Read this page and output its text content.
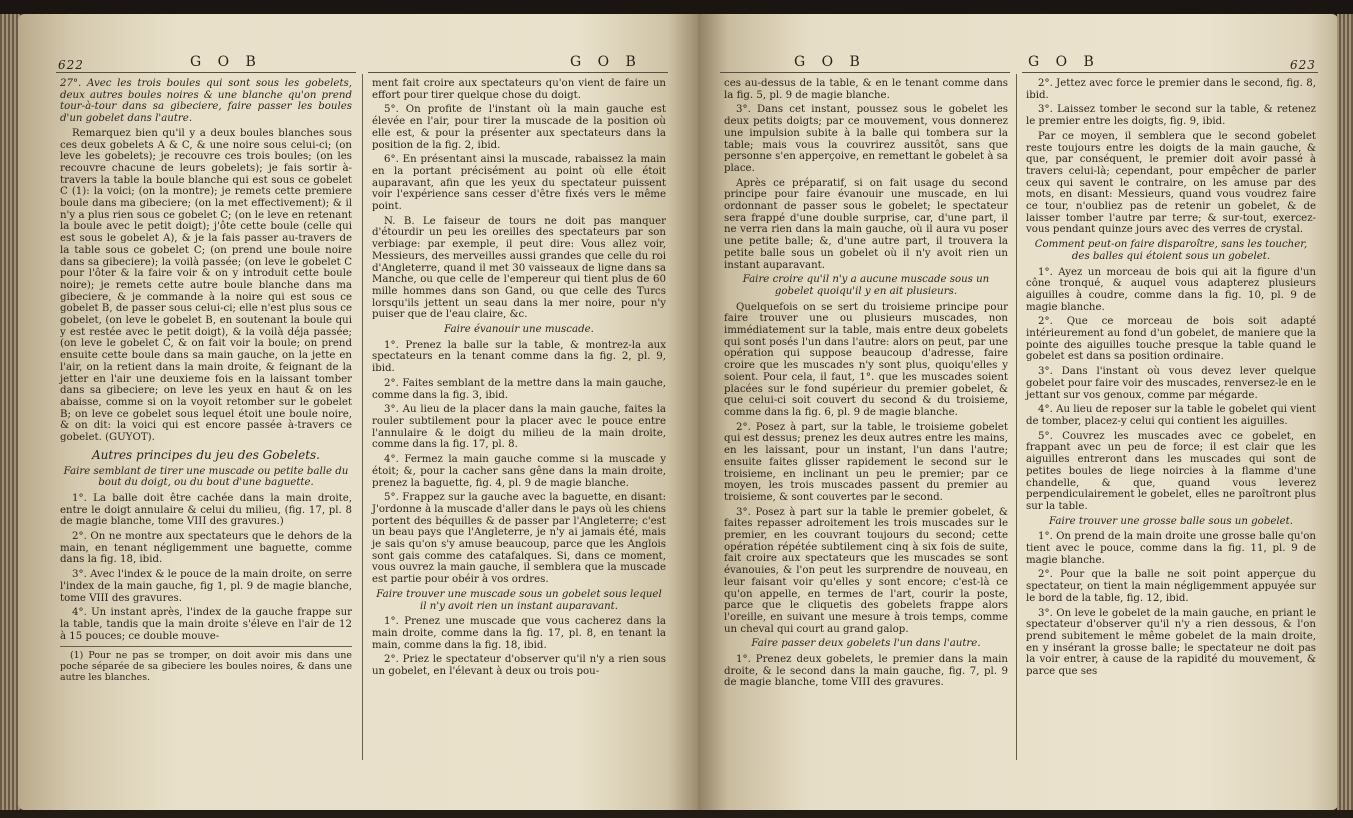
622	G O B	G O B

27°. Avec les trois boules qui sont sous les gobelets, deux autres boules noires & une blanche qu'on prend tour-à-tour dans sa gibeciere, faire passer les boules d'un gobelet dans l'autre.

Remarquez bien qu'il y a deux boules blanches sous ces deux gobelets A & C, & une noire sous celui-ci; (on leve les gobelets); je recouvre ces trois boules; (on les recouvre chacune de leurs gobelets); je fais sortir à-travers la table la boule blanche qui est sous ce gobelet C (1): la voici; (on la montre); je remets cette premiere boule dans ma gibeciere; (on la met effectivement); & il n'y a plus rien sous ce gobelet C; (on le leve en retenant la boule avec le petit doigt); j'ôte cette boule (celle qui est sous le gobelet A), & je la fais passer au-travers de la table sous ce gobelet C; (on prend une boule noire dans sa gibeciere); la voilà passée; (on leve le gobelet C pour l'ôter & la faire voir & on y introduit cette boule noire); je remets cette autre boule blanche dans ma gibeciere, & je commande à la noire qui est sous ce gobelet B, de passer sous celui-ci; elle n'est plus sous ce gobelet, (on leve le gobelet B, en soutenant la boule qui y est restée avec le petit doigt), & la voilà déja passée; (on leve le gobelet C, & on fait voir la boule; on prend ensuite cette boule dans sa main gauche, on la jette en l'air, on la retient dans la main droite, & feignant de la jetter en l'air une deuxieme fois en la laissant tomber dans sa gibeciere; on leve les yeux en haut & on les abaisse, comme si on la voyoit retomber sur le gobelet B; on leve ce gobelet sous lequel étoit une boule noire, & on dit: la voici qui est encore passée à-travers ce gobelet. (GUYOT).

Autres principes du jeu des Gobelets.

Faire semblant de tirer une muscade ou petite balle du bout du doigt, ou du bout d'une baguette.

1°. La balle doit être cachée dans la main droite, entre le doigt annulaire & celui du milieu, (fig. 17, pl. 8 de magie blanche, tome VIII des gravures.)

2°. On ne montre aux spectateurs que le dehors de la main, en tenant négligemment une baguette, comme dans la fig. 18, ibid.

3°. Avec l'index & le pouce de la main droite, on serre l'index de la main gauche, fig 1, pl. 9 de magie blanche, tome VIII des gravures.

4°. Un instant après, l'index de la gauche frappe sur la table, tandis que la main droite s'éleve en l'air de 12 à 15 pouces; ce double mouve-

(1) Pour ne pas se tromper, on doit avoir mis dans une poche séparée de sa gibeciere les boules noires, & dans une autre les blanches.

ment fait croire aux spectateurs qu'on vient de faire un effort pour tirer quelque chose du doigt.

5°. On profite de l'instant où la main gauche est élevée en l'air, pour tirer la muscade de la position où elle est, & pour la présenter aux spectateurs dans la position de la fig. 2, ibid.

6°. En présentant ainsi la muscade, rabaissez la main en la portant précisément au point où elle étoit auparavant, afin que les yeux du spectateur puissent voir l'expérience sans cesser d'être fixés vers le même point.

N. B. Le faiseur de tours ne doit pas manquer d'étourdir un peu les oreilles des spectateurs par son verbiage: par exemple, il peut dire: Vous allez voir, Messieurs, des merveilles aussi grandes que celle du roi d'Angleterre, quand il met 30 vaisseaux de ligne dans sa Manche, ou que celle de l'empereur qui tient plus de 60 mille hommes dans son Gand, ou que celle des Turcs lorsqu'ils jettent un seau dans la mer noire, pour n'y puiser que de l'eau claire, &c.

Faire évanouir une muscade.

1°. Prenez la balle sur la table, & montrez-la aux spectateurs en la tenant comme dans la fig. 2, pl. 9, ibid.

2°. Faites semblant de la mettre dans la main gauche, comme dans la fig. 3, ibid.

3°. Au lieu de la placer dans la main gauche, faites la rouler subtilement pour la placer avec le pouce entre l'annulaire & le doigt du milieu de la main droite, comme dans la fig. 17, pl. 8.

4°. Fermez la main gauche comme si la muscade y étoit; &, pour la cacher sans gêne dans la main droite, prenez la baguette, fig. 4, pl. 9 de magie blanche.

5°. Frappez sur la gauche avec la baguette, en disant: J'ordonne à la muscade d'aller dans le pays où les chiens portent des béquilles & de passer par l'Angleterre; c'est un beau pays que l'Angleterre, je n'y ai jamais été, mais je sais qu'on s'y amuse beaucoup, parce que les Anglois sont gais comme des catafalques. Si, dans ce moment, vous ouvrez la main gauche, il semblera que la muscade est partie pour obéir à vos ordres.

Faire trouver une muscade sous un gobelet sous lequel il n'y avoit rien un instant auparavant.

1°. Prenez une muscade que vous cacherez dans la main droite, comme dans la fig. 17, pl. 8, en tenant la main, comme dans la fig. 18, ibid.

2°. Priez le spectateur d'observer qu'il n'y a rien sous un gobelet, en l'élevant à deux ou trois pou-

G O B	G O B	623

ces au-dessus de la table, & en le tenant comme dans la fig. 5, pl. 9 de magie blanche.

3°. Dans cet instant, poussez sous le gobelet les deux petits doigts; par ce mouvement, vous donnerez une impulsion subite à la balle qui tombera sur la table; mais vous la couvrirez aussitôt, sans que personne s'en apperçoive, en remettant le gobelet à sa place.

Après ce préparatif, si on fait usage du second principe pour faire évanouir une muscade, en lui ordonnant de passer sous le gobelet; le spectateur sera frappé d'une double surprise, car, d'une part, il ne verra rien dans la main gauche, où il aura vu poser une petite balle; &, d'une autre part, il trouvera la petite balle sous un gobelet où il n'y avoit rien un instant auparavant.

Faire croire qu'il n'y a aucune muscade sous un gobelet quoiqu'il y en ait plusieurs.

Quelquefois on se sert du troisieme principe pour faire trouver une ou plusieurs muscades, non immédiatement sur la table, mais entre deux gobelets qui sont posés l'un dans l'autre: alors on peut, par une opération qui suppose beaucoup d'adresse, faire croire que les muscades n'y sont plus, quoiqu'elles y soient. Pour cela, il faut, 1°. que les muscades soient placées sur le fond supérieur du premier gobelet, & que celui-ci soit couvert du second & du troisieme, comme dans la fig. 6, pl. 9 de magie blanche.

2°. Posez à part, sur la table, le troisieme gobelet qui est dessus; prenez les deux autres entre les mains, en les laissant, pour un instant, l'un dans l'autre; ensuite faites glisser rapidement le second sur le troisieme, en inclinant un peu le premier; par ce moyen, les trois muscades passent du premier au troisieme, & sont couvertes par le second.

3°. Posez à part sur la table le premier gobelet, & faites repasser adroitement les trois muscades sur le premier, en les couvrant toujours du second; cette opération répétée subtilement cinq à six fois de suite, fait croire aux spectateurs que les muscades se sont évanouies, & l'on peut les surprendre de nouveau, en leur faisant voir qu'elles y sont encore; c'est-là ce qu'on appelle, en termes de l'art, courir la poste, parce que le cliquetis des gobelets frappe alors l'oreille, en suivant une mesure à trois temps, comme un cheval qui court au grand galop.

Faire passer deux gobelets l'un dans l'autre.

1°. Prenez deux gobelets, le premier dans la main droite, & le second dans la main gauche, fig. 7, pl. 9 de magie blanche, tome VIII des gravures.

2°. Jettez avec force le premier dans le second, fig. 8, ibid.

3°. Laissez tomber le second sur la table, & retenez le premier entre les doigts, fig. 9, ibid.

Par ce moyen, il semblera que le second gobelet reste toujours entre les doigts de la main gauche, & que, par conséquent, le premier doit avoir passé à travers celui-là; cependant, pour empêcher de parler ceux qui savent le contraire, on les amuse par des mots, en disant: Messieurs, quand vous voudrez faire ce tour, n'oubliez pas de retenir un gobelet, & de laisser tomber l'autre par terre; & sur-tout, exercez-vous pendant quinze jours avec des verres de crystal.

Comment peut-on faire disparoître, sans les toucher, des balles qui étoient sous un gobelet.

1°. Ayez un morceau de bois qui ait la figure d'un cône tronqué, & auquel vous adapterez plusieurs aiguilles à coudre, comme dans la fig. 10, pl. 9 de magie blanche.

2°. Que ce morceau de bois soit adapté intérieurement au fond d'un gobelet, de maniere que la pointe des aiguilles touche presque la table quand le gobelet est dans sa position ordinaire.

3°. Dans l'instant où vous devez lever quelque gobelet pour faire voir des muscades, renversez-le en le jettant sur vos genoux, comme par mégarde.

4°. Au lieu de reposer sur la table le gobelet qui vient de tomber, placez-y celui qui contient les aiguilles.

5°. Couvrez les muscades avec ce gobelet, en frappant avec un peu de force; il est clair que les aiguilles entreront dans les muscades qui sont de petites boules de liege noircies à la flamme d'une chandelle, & que, quand vous leverez perpendiculairement le gobelet, elles ne paroîtront plus sur la table.

Faire trouver une grosse balle sous un gobelet.

1°. On prend de la main droite une grosse balle qu'on tient avec le pouce, comme dans la fig. 11, pl. 9 de magie blanche.

2°. Pour que la balle ne soit point apperçue du spectateur, on tient la main négligemment appuyée sur le bord de la table, fig. 12, ibid.

3°. On leve le gobelet de la main gauche, en priant le spectateur d'observer qu'il n'y a rien dessous, & l'on prend subitement le même gobelet de la main droite, en y insérant la grosse balle; le spectateur ne doit pas la voir entrer, à cause de la rapidité du mouvement, & parce que ses
